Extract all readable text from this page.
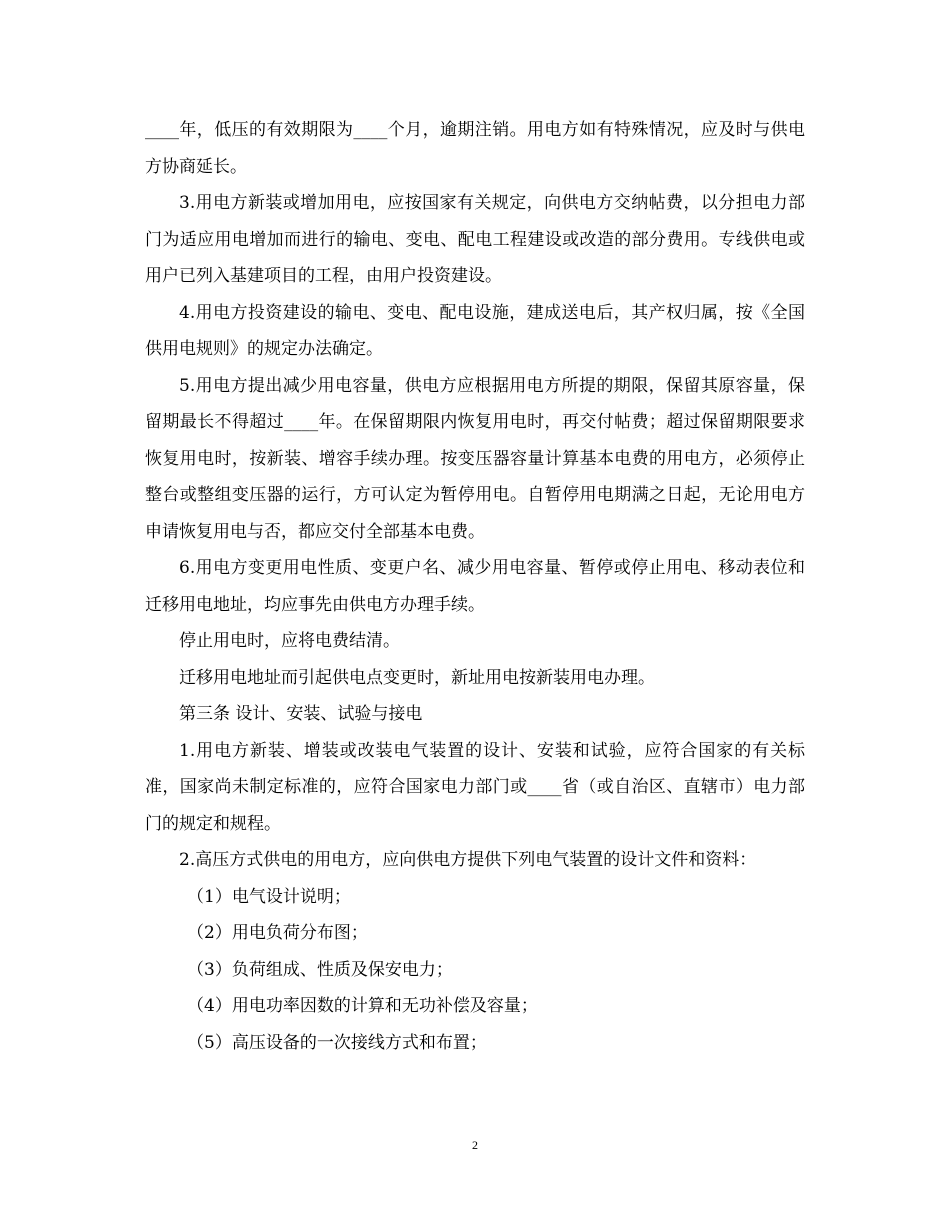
____年，低压的有效期限为____个月，逾期注销。用电方如有特殊情况，应及时与供电方协商延长。

3.用电方新装或增加用电，应按国家有关规定，向供电方交纳帖费，以分担电力部门为适应用电增加而进行的输电、变电、配电工程建设或改造的部分费用。专线供电或用户已列入基建项目的工程，由用户投资建设。

4.用电方投资建设的输电、变电、配电设施，建成送电后，其产权归属，按《全国供用电规则》的规定办法确定。

5.用电方提出减少用电容量，供电方应根据用电方所提的期限，保留其原容量，保留期最长不得超过____年。在保留期限内恢复用电时，再交付帖费；超过保留期限要求恢复用电时，按新装、增容手续办理。按变压器容量计算基本电费的用电方，必须停止整台或整组变压器的运行，方可认定为暂停用电。自暂停用电期满之日起，无论用电方申请恢复用电与否，都应交付全部基本电费。

6.用电方变更用电性质、变更户名、减少用电容量、暂停或停止用电、移动表位和迁移用电地址，均应事先由供电方办理手续。

停止用电时，应将电费结清。

迁移用电地址而引起供电点变更时，新址用电按新装用电办理。

第三条 设计、安装、试验与接电

1.用电方新装、增装或改装电气装置的设计、安装和试验，应符合国家的有关标准，国家尚未制定标准的，应符合国家电力部门或____省（或自治区、直辖市）电力部门的规定和规程。

2.高压方式供电的用电方，应向供电方提供下列电气装置的设计文件和资料：

（1）电气设计说明；

（2）用电负荷分布图；

（3）负荷组成、性质及保安电力；

（4）用电功率因数的计算和无功补偿及容量；

（5）高压设备的一次接线方式和布置；

2
